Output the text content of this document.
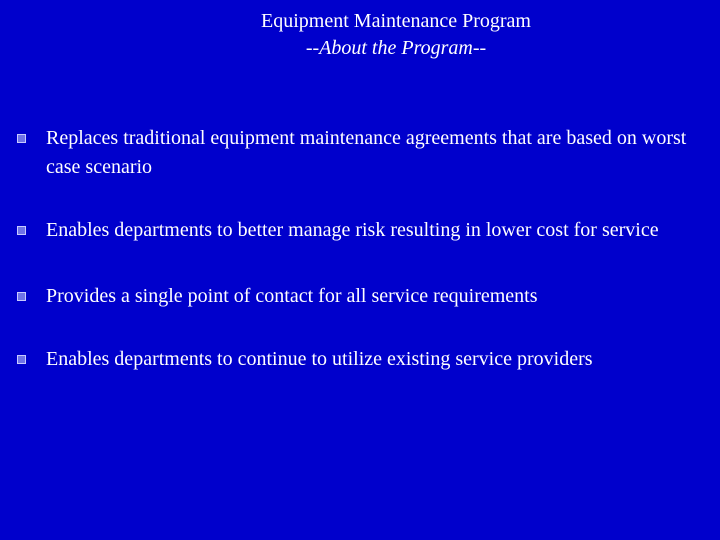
Equipment Maintenance Program
--About the Program--
Replaces traditional equipment maintenance agreements that are based on worst case scenario
Enables departments to better manage risk resulting in lower cost for service
Provides a single point of contact for all service requirements
Enables departments to continue to utilize existing service providers
